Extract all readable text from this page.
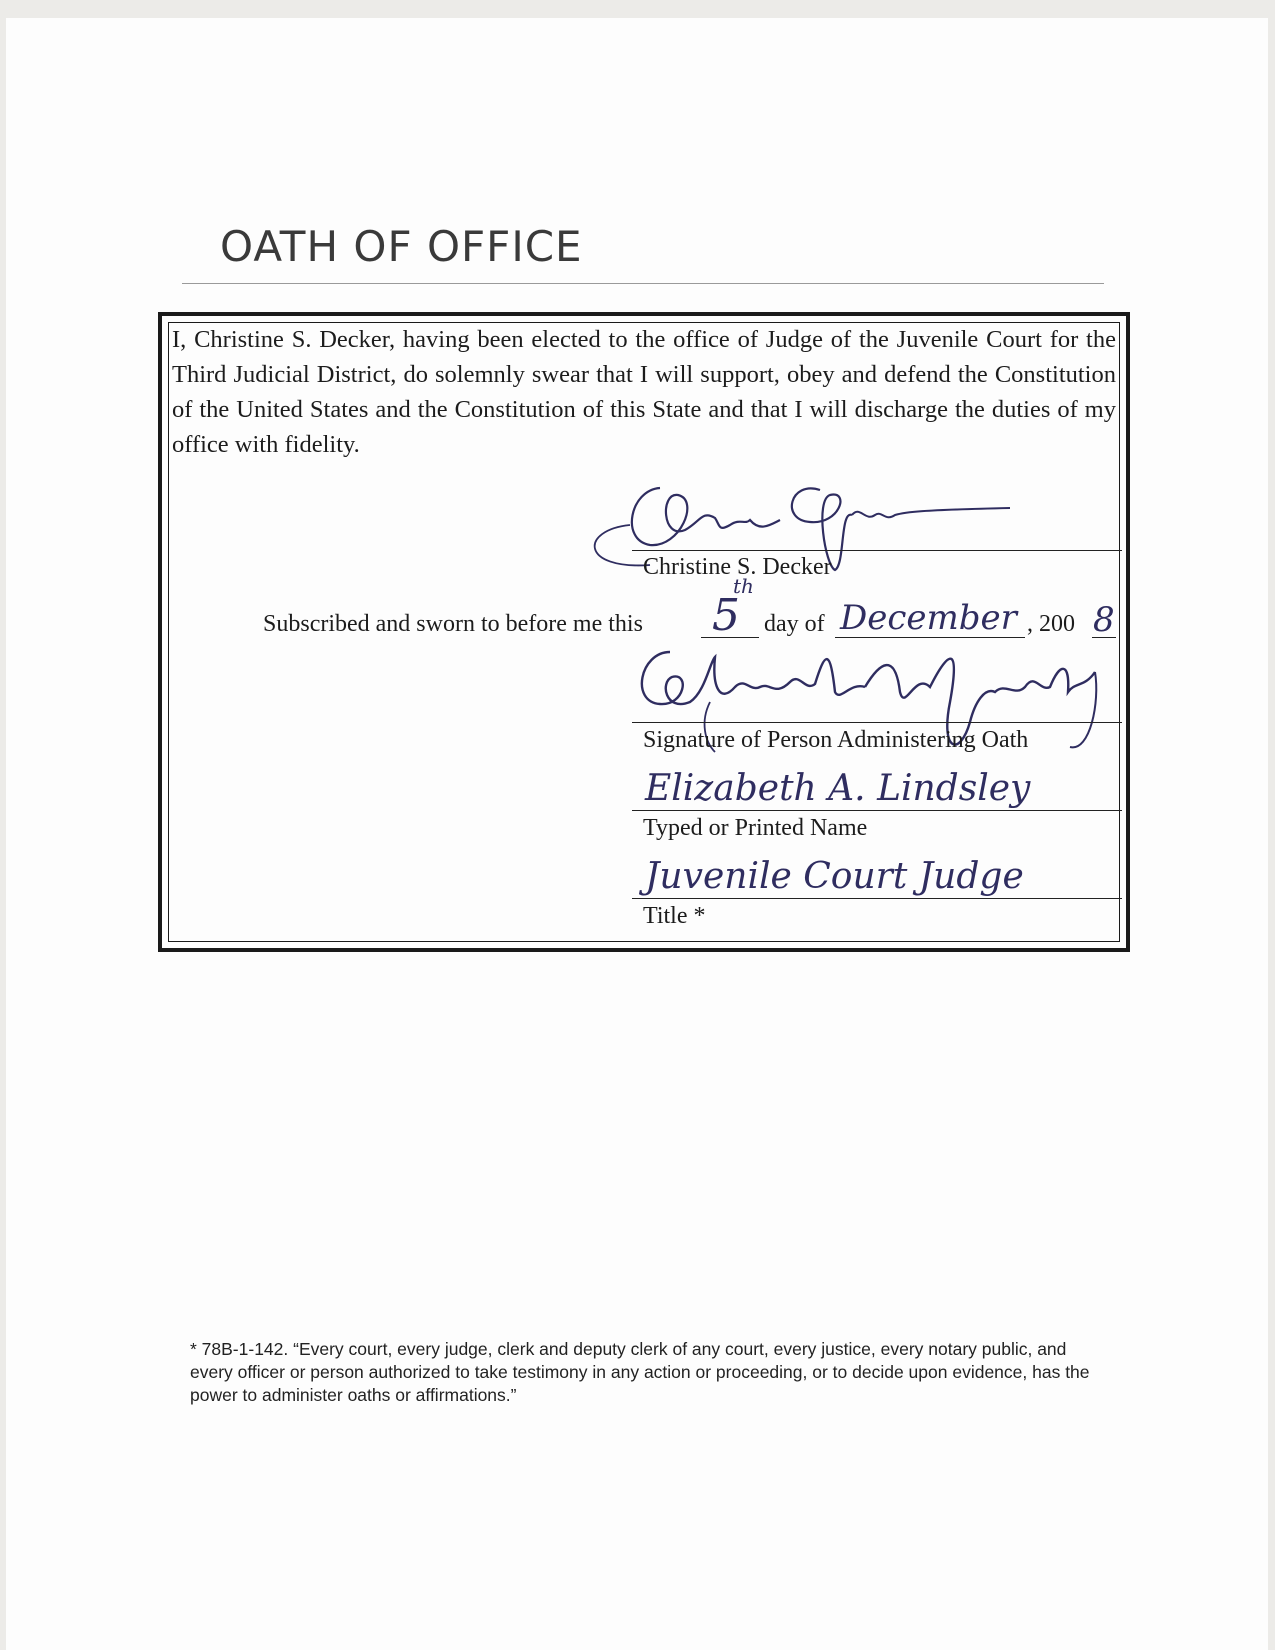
OATH OF OFFICE

I, Christine S. Decker, having been elected to the office of Judge of the Juvenile Court for the Third Judicial District, do solemnly swear that I will support, obey and defend the Constitution of the United States and the Constitution of this State and that I will discharge the duties of my office with fidelity.

Christine S. Decker
Subscribed and sworn to before me this 5
th
day of December , 200 8
Signature of Person Administering Oath
Elizabeth A. Lindsley
Typed or Printed Name
Juvenile Court Judge
Title *

* 78B-1-142. “Every court, every judge, clerk and deputy clerk of any court, every justice, every notary public, and every officer or person authorized to take testimony in any action or proceeding, or to decide upon evidence, has the power to administer oaths or affirmations.”
